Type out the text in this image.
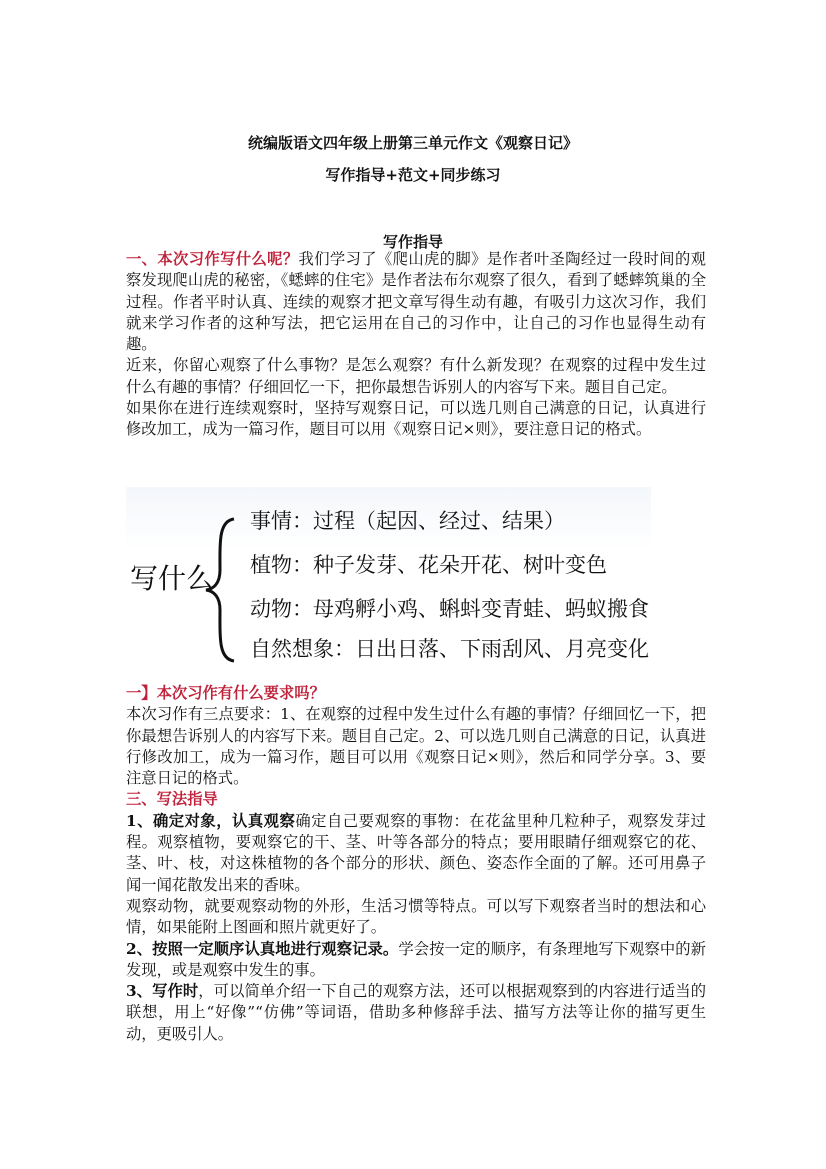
统编版语文四年级上册第三单元作文《观察日记》
写作指导+范文+同步练习
写作指导

一、本次习作写什么呢？我们学习了《爬山虎的脚》是作者叶圣陶经过一段时间的观察发现爬山虎的秘密，《蟋蟀的住宅》是作者法布尔观察了很久，看到了蟋蟀筑巢的全过程。作者平时认真、连续的观察才把文章写得生动有趣，有吸引力这次习作，我们就来学习作者的这种写法，把它运用在自己的习作中，让自己的习作也显得生动有趣。

近来，你留心观察了什么事物？是怎么观察？有什么新发现？在观察的过程中发生过什么有趣的事情？仔细回忆一下，把你最想告诉别人的内容写下来。题目自己定。

如果你在进行连续观察时，坚持写观察日记，可以选几则自己满意的日记，认真进行修改加工，成为一篇习作，题目可以用《观察日记×则》，要注意日记的格式。

写什么
事情：过程（起因、经过、结果）
植物：种子发芽、花朵开花、树叶变色
动物：母鸡孵小鸡、蝌蚪变青蛙、蚂蚁搬食
自然想象：日出日落、下雨刮风、月亮变化

一】本次习作有什么要求吗？

本次习作有三点要求：1、在观察的过程中发生过什么有趣的事情？仔细回忆一下，把你最想告诉别人的内容写下来。题目自己定。2、可以选几则自己满意的日记，认真进行修改加工，成为一篇习作，题目可以用《观察日记×则》，然后和同学分享。3、要注意日记的格式。

三、写法指导

1、确定对象，认真观察确定自己要观察的事物：在花盆里种几粒种子，观察发芽过程。观察植物，要观察它的干、茎、叶等各部分的特点；要用眼睛仔细观察它的花、茎、叶、枝，对这株植物的各个部分的形状、颜色、姿态作全面的了解。还可用鼻子闻一闻花散发出来的香味。

观察动物，就要观察动物的外形，生活习惯等特点。可以写下观察者当时的想法和心情，如果能附上图画和照片就更好了。

2、按照一定顺序认真地进行观察记录。学会按一定的顺序，有条理地写下观察中的新发现，或是观察中发生的事。

3、写作时，可以简单介绍一下自己的观察方法，还可以根据观察到的内容进行适当的联想，用上“好像”“仿佛”等词语，借助多种修辞手法、描写方法等让你的描写更生动，更吸引人。
